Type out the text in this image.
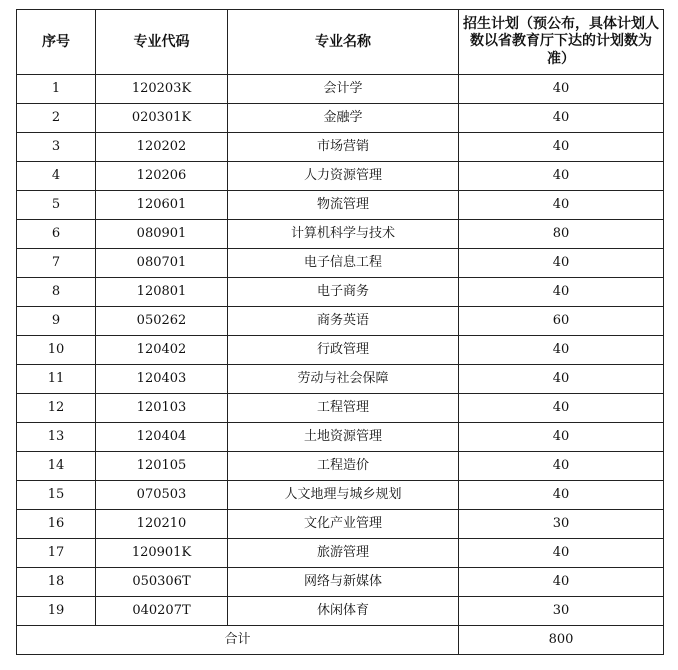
序号	专业代码	专业名称	招生计划（预公布，具体计划人数以省教育厅下达的计划数为准）
1	120203K	会计学	40
2	020301K	金融学	40
3	120202	市场营销	40
4	120206	人力资源管理	40
5	120601	物流管理	40
6	080901	计算机科学与技术	80
7	080701	电子信息工程	40
8	120801	电子商务	40
9	050262	商务英语	60
10	120402	行政管理	40
11	120403	劳动与社会保障	40
12	120103	工程管理	40
13	120404	土地资源管理	40
14	120105	工程造价	40
15	070503	人文地理与城乡规划	40
16	120210	文化产业管理	30
17	120901K	旅游管理	40
18	050306T	网络与新媒体	40
19	040207T	休闲体育	30
合计			800
